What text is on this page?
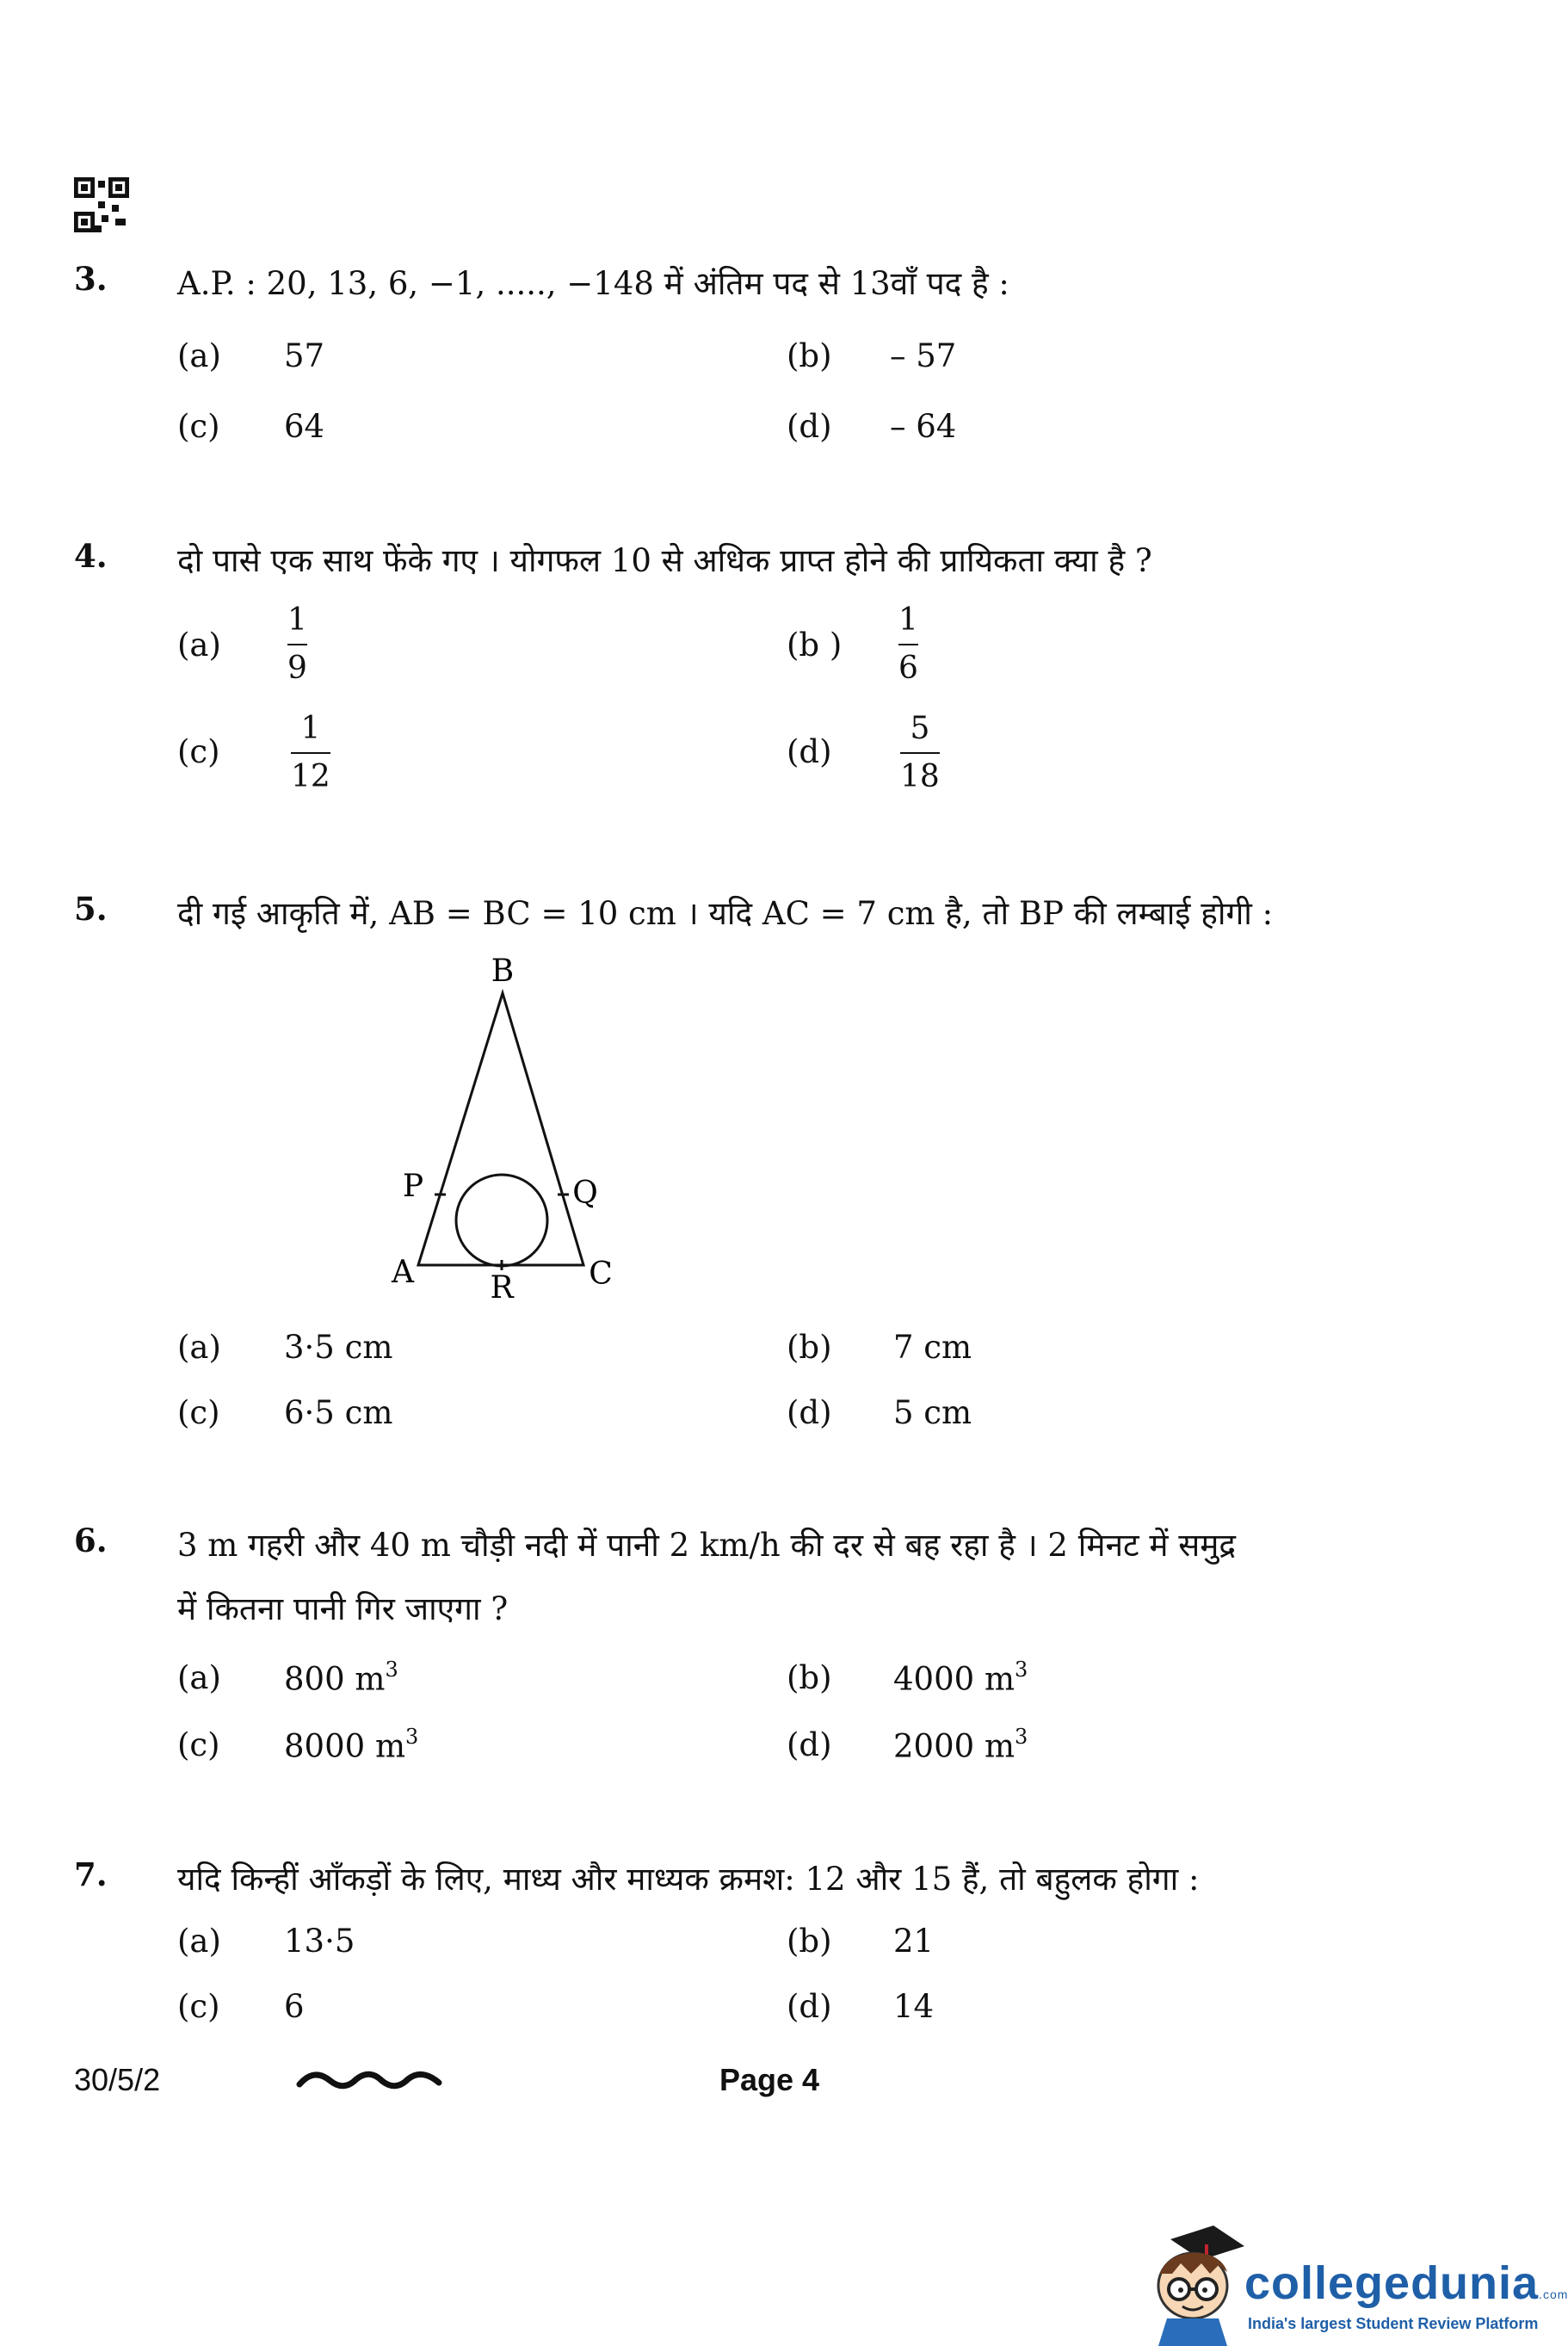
3. A.P. : 20, 13, 6, −1, ....., −148 में अंतिम पद से 13वाँ पद है :
(a) 57	(b) – 57
(c) 64	(d) – 64
4. दो पासे एक साथ फेंके गए । योगफल 10 से अधिक प्राप्त होने की प्रायिकता क्या है ?
(a)
1
9
(b )
1
6
(c)
1
12
(d)
5
18
5. दी गई आकृति में, AB = BC = 10 cm । यदि AC = 7 cm है, तो BP की लम्बाई होगी :
B
P	Q
A R C
(a) 3·5 cm	(b) 7 cm
(c) 6·5 cm	(d) 5 cm
6. 3 m गहरी और 40 m चौड़ी नदी में पानी 2 km/h की दर से बह रहा है । 2 मिनट में समुद्र
में कितना पानी गिर जाएगा ?
(a) 800 $m^3$	(b) 4000 $m^3$
(c) 8000 $m^3$	(d) 2000 $m^3$
7. यदि किन्हीं आँकड़ों के लिए, माध्य और माध्यक क्रमश: 12 और 15 हैं, तो बहुलक होगा :
(a) 13·5	(b) 21
(c) 6	(d) 14
30/5/2	Page 4
collegedunia.com
India's largest Student Review Platform
